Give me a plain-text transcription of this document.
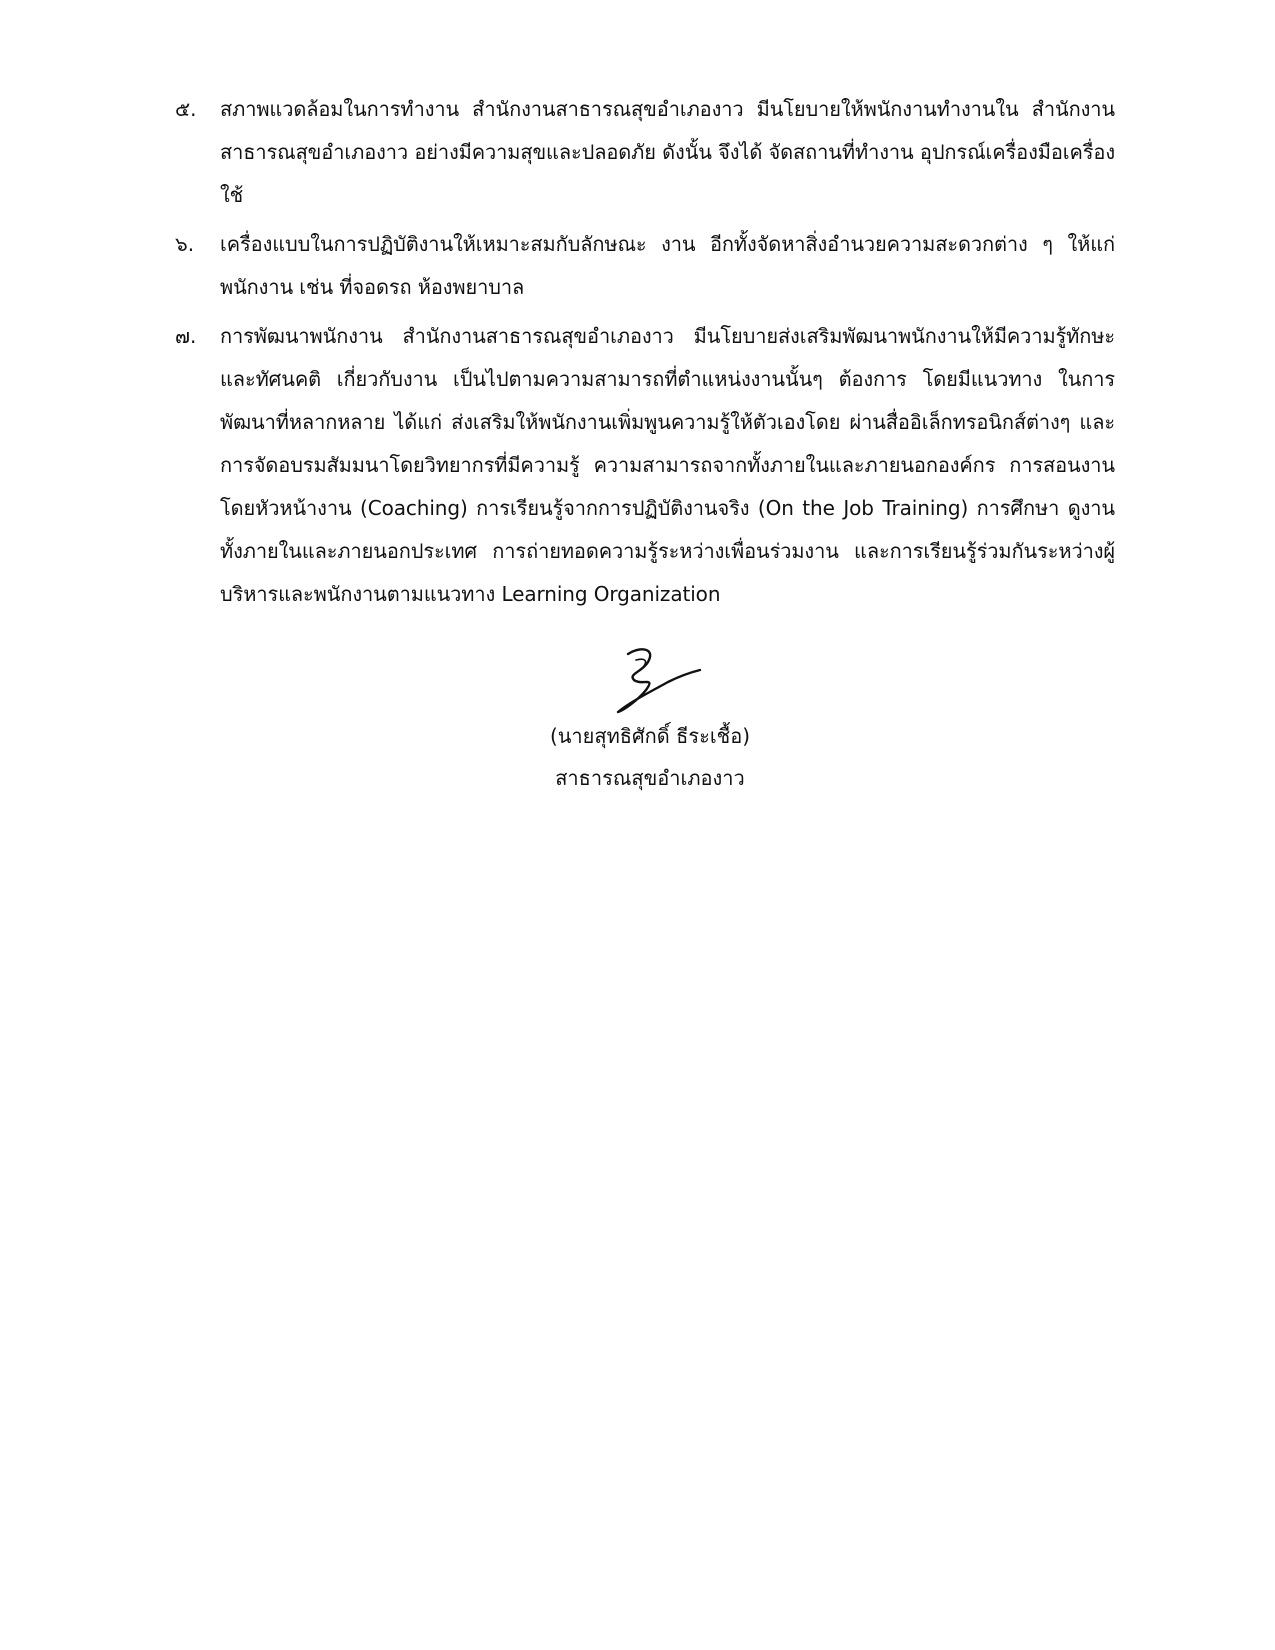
๕.	สภาพแวดล้อมในการทำงาน สำนักงานสาธารณสุขอำเภองาว มีนโยบายให้พนักงานทำงานใน สำนักงานสาธารณสุขอำเภองาว อย่างมีความสุขและปลอดภัย ดังนั้น จึงได้ จัดสถานที่ทำงาน อุปกรณ์เครื่องมือเครื่องใช้
๖.	เครื่องแบบในการปฏิบัติงานให้เหมาะสมกับลักษณะ งาน อีกทั้งจัดหาสิ่งอำนวยความสะดวกต่าง ๆ ให้แก่ พนักงาน เช่น ที่จอดรถ ห้องพยาบาล
๗.	การพัฒนาพนักงาน สำนักงานสาธารณสุขอำเภองาว มีนโยบายส่งเสริมพัฒนาพนักงานให้มีความรู้ทักษะและทัศนคติ เกี่ยวกับงาน เป็นไปตามความสามารถที่ตำแหน่งงานนั้นๆ ต้องการ โดยมีแนวทาง ในการพัฒนาที่หลากหลาย ได้แก่ ส่งเสริมให้พนักงานเพิ่มพูนความรู้ให้ตัวเองโดย ผ่านสื่ออิเล็กทรอนิกส์ต่างๆ และการจัดอบรมสัมมนาโดยวิทยากรที่มีความรู้ ความสามารถจากทั้งภายในและภายนอกองค์กร การสอนงานโดยหัวหน้างาน (Coaching) การเรียนรู้จากการปฏิบัติงานจริง (On the Job Training) การศึกษา ดูงานทั้งภายในและภายนอกประเทศ การถ่ายทอดความรู้ระหว่างเพื่อนร่วมงาน และการเรียนรู้ร่วมกันระหว่างผู้บริหารและพนักงานตามแนวทาง Learning Organization
(นายสุทธิศักดิ์ ธีระเชื้อ)
สาธารณสุขอำเภองาว
